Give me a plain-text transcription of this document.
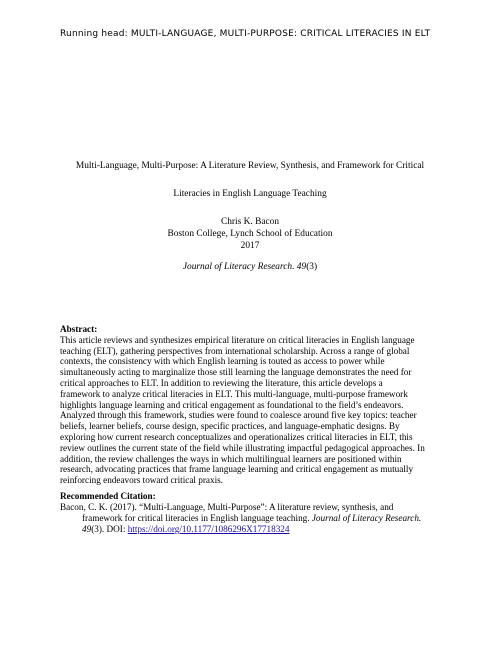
Running head: MULTI-LANGUAGE, MULTI-PURPOSE: CRITICAL LITERACIES IN ELT
Multi-Language, Multi-Purpose: A Literature Review, Synthesis, and Framework for Critical
Literacies in English Language Teaching
Chris K. Bacon
Boston College, Lynch School of Education
2017
Journal of Literacy Research. 49(3)
Abstract:
This article reviews and synthesizes empirical literature on critical literacies in English language teaching (ELT), gathering perspectives from international scholarship. Across a range of global contexts, the consistency with which English learning is touted as access to power while simultaneously acting to marginalize those still learning the language demonstrates the need for critical approaches to ELT. In addition to reviewing the literature, this article develops a framework to analyze critical literacies in ELT. This multi-language, multi-purpose framework highlights language learning and critical engagement as foundational to the field’s endeavors. Analyzed through this framework, studies were found to coalesce around five key topics: teacher beliefs, learner beliefs, course design, specific practices, and language-emphatic designs. By exploring how current research conceptualizes and operationalizes critical literacies in ELT, this review outlines the current state of the field while illustrating impactful pedagogical approaches. In addition, the review challenges the ways in which multilingual learners are positioned within research, advocating practices that frame language learning and critical engagement as mutually reinforcing endeavors toward critical praxis.
Recommended Citation:
Bacon, C. K. (2017). “Multi-Language, Multi-Purpose”: A literature review, synthesis, and framework for critical literacies in English language teaching. Journal of Literacy Research. 49(3). DOI: https://doi.org/10.1177/1086296X17718324
